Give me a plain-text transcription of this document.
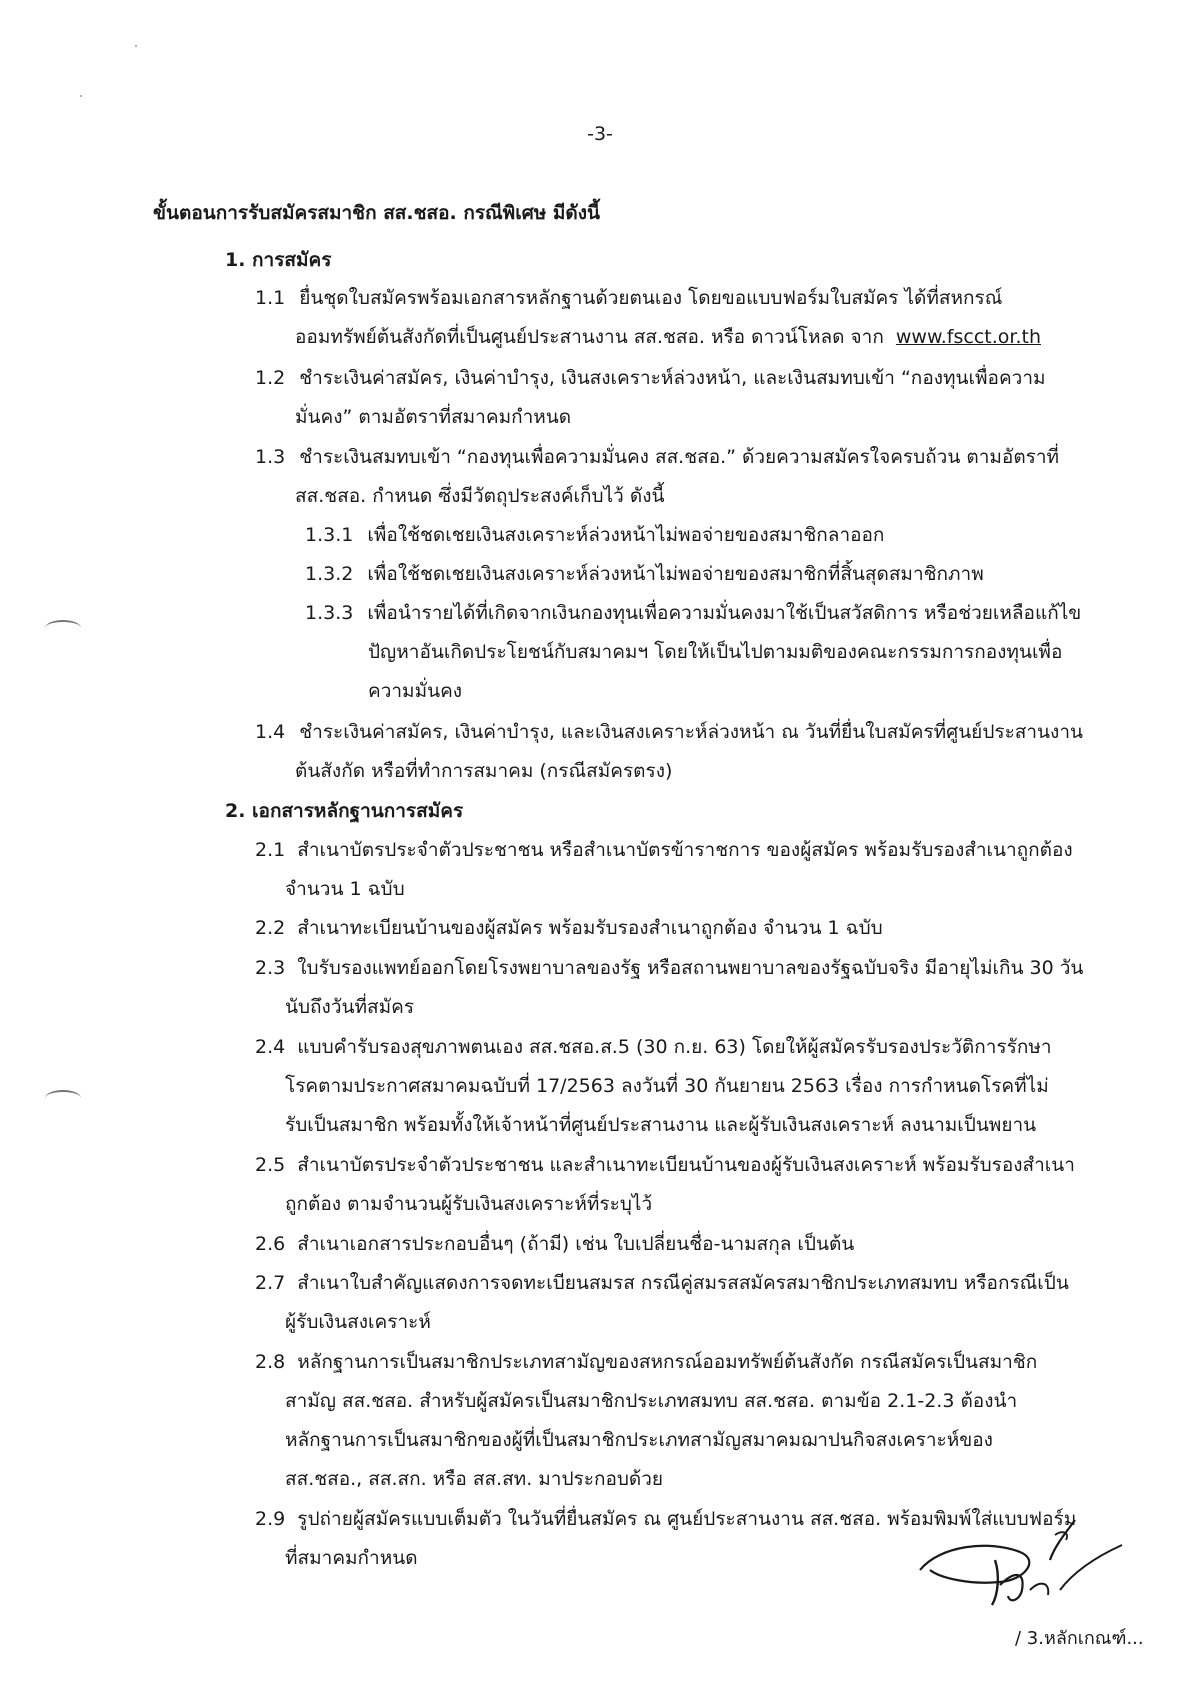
-3-
ขั้นตอนการรับสมัครสมาชิก สส.ชสอ. กรณีพิเศษ มีดังนี้
1. การสมัคร
1.1 ยื่นชุดใบสมัครพร้อมเอกสารหลักฐานด้วยตนเอง โดยขอแบบฟอร์มใบสมัคร ได้ที่สหกรณ์
ออมทรัพย์ต้นสังกัดที่เป็นศูนย์ประสานงาน สส.ชสอ. หรือ ดาวน์โหลด จาก www.fscct.or.th
1.2 ชำระเงินค่าสมัคร, เงินค่าบำรุง, เงินสงเคราะห์ล่วงหน้า, และเงินสมทบเข้า “กองทุนเพื่อความ
มั่นคง” ตามอัตราที่สมาคมกำหนด
1.3 ชำระเงินสมทบเข้า “กองทุนเพื่อความมั่นคง สส.ชสอ.” ด้วยความสมัครใจครบถ้วน ตามอัตราที่
สส.ชสอ. กำหนด ซึ่งมีวัตถุประสงค์เก็บไว้ ดังนี้
1.3.1 เพื่อใช้ชดเชยเงินสงเคราะห์ล่วงหน้าไม่พอจ่ายของสมาชิกลาออก
1.3.2 เพื่อใช้ชดเชยเงินสงเคราะห์ล่วงหน้าไม่พอจ่ายของสมาชิกที่สิ้นสุดสมาชิกภาพ
1.3.3 เพื่อนำรายได้ที่เกิดจากเงินกองทุนเพื่อความมั่นคงมาใช้เป็นสวัสดิการ หรือช่วยเหลือแก้ไข
ปัญหาอันเกิดประโยชน์กับสมาคมฯ โดยให้เป็นไปตามมติของคณะกรรมการกองทุนเพื่อ
ความมั่นคง
1.4 ชำระเงินค่าสมัคร, เงินค่าบำรุง, และเงินสงเคราะห์ล่วงหน้า ณ วันที่ยื่นใบสมัครที่ศูนย์ประสานงาน
ต้นสังกัด หรือที่ทำการสมาคม (กรณีสมัครตรง)
2. เอกสารหลักฐานการสมัคร
2.1 สำเนาบัตรประจำตัวประชาชน หรือสำเนาบัตรข้าราชการ ของผู้สมัคร พร้อมรับรองสำเนาถูกต้อง
จำนวน 1 ฉบับ
2.2 สำเนาทะเบียนบ้านของผู้สมัคร พร้อมรับรองสำเนาถูกต้อง จำนวน 1 ฉบับ
2.3 ใบรับรองแพทย์ออกโดยโรงพยาบาลของรัฐ หรือสถานพยาบาลของรัฐฉบับจริง มีอายุไม่เกิน 30 วัน
นับถึงวันที่สมัคร
2.4 แบบคำรับรองสุขภาพตนเอง สส.ชสอ.ส.5 (30 ก.ย. 63) โดยให้ผู้สมัครรับรองประวัติการรักษา
โรคตามประกาศสมาคมฉบับที่ 17/2563 ลงวันที่ 30 กันยายน 2563 เรื่อง การกำหนดโรคที่ไม่
รับเป็นสมาชิก พร้อมทั้งให้เจ้าหน้าที่ศูนย์ประสานงาน และผู้รับเงินสงเคราะห์ ลงนามเป็นพยาน
2.5 สำเนาบัตรประจำตัวประชาชน และสำเนาทะเบียนบ้านของผู้รับเงินสงเคราะห์ พร้อมรับรองสำเนา
ถูกต้อง ตามจำนวนผู้รับเงินสงเคราะห์ที่ระบุไว้
2.6 สำเนาเอกสารประกอบอื่นๆ (ถ้ามี) เช่น ใบเปลี่ยนชื่อ-นามสกุล เป็นต้น
2.7 สำเนาใบสำคัญแสดงการจดทะเบียนสมรส กรณีคู่สมรสสมัครสมาชิกประเภทสมทบ หรือกรณีเป็น
ผู้รับเงินสงเคราะห์
2.8 หลักฐานการเป็นสมาชิกประเภทสามัญของสหกรณ์ออมทรัพย์ต้นสังกัด กรณีสมัครเป็นสมาชิก
สามัญ สส.ชสอ. สำหรับผู้สมัครเป็นสมาชิกประเภทสมทบ สส.ชสอ. ตามข้อ 2.1-2.3 ต้องนำ
หลักฐานการเป็นสมาชิกของผู้ที่เป็นสมาชิกประเภทสามัญสมาคมฌาปนกิจสงเคราะห์ของ
สส.ชสอ., สส.สก. หรือ สส.สท. มาประกอบด้วย
2.9 รูปถ่ายผู้สมัครแบบเต็มตัว ในวันที่ยื่นสมัคร ณ ศูนย์ประสานงาน สส.ชสอ. พร้อมพิมพ์ใส่แบบฟอร์ม
ที่สมาคมกำหนด
/ 3.หลักเกณฑ์...
